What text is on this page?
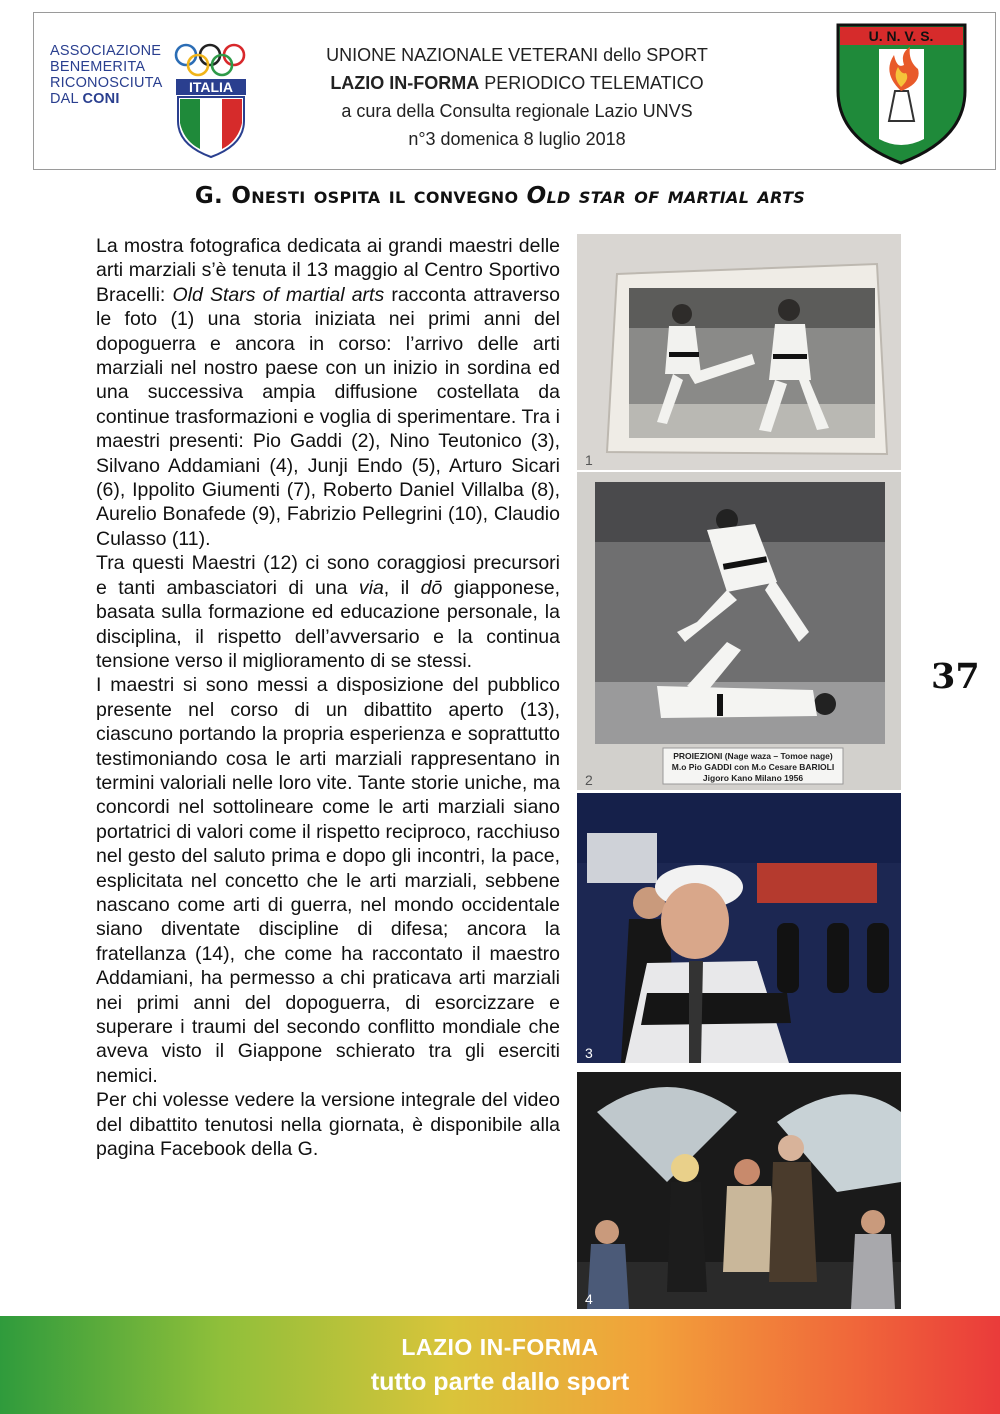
ASSOCIAZIONE
BENEMERITA
RICONOSCIUTA
DAL CONI
ITALIA
UNIONE NAZIONALE VETERANI dello SPORT
LAZIO IN-FORMA PERIODICO TELEMATICO
a cura della Consulta regionale Lazio UNVS
n°3 domenica 8 luglio 2018
U. N. V. S.
G. Onesti ospita il convegno Old star of martial arts

La mostra fotografica dedicata ai grandi maestri delle arti marziali s’è tenuta il 13 maggio al Centro Sportivo Bracelli: Old Stars of martial arts racconta attraverso le foto (1) una storia iniziata nei primi anni del dopoguerra e ancora in corso: l’arrivo delle arti marziali nel nostro paese con un inizio in sordina ed una successiva ampia diffusione costellata da continue trasformazioni e voglia di sperimentare. Tra i maestri presenti: Pio Gaddi (2), Nino Teutonico (3), Silvano Addamiani (4), Junji Endo (5), Arturo Sicari (6), Ippolito Giumenti (7), Roberto Daniel Villalba (8), Aurelio Bonafede (9), Fabrizio Pellegrini (10), Claudio Culasso (11).

Tra questi Maestri (12) ci sono coraggiosi precursori e tanti ambasciatori di una via, il dō giapponese, basata sulla formazione ed educazione personale, la disciplina, il rispetto dell’avversario e la continua tensione verso il miglioramento di se stessi.

I maestri si sono messi a disposizione del pubblico presente nel corso di un dibattito aperto (13), ciascuno portando la propria esperienza e soprattutto testimoniando cosa le arti marziali rappresentano in termini valoriali nelle loro vite. Tante storie uniche, ma concordi nel sottolineare come le arti marziali siano portatrici di valori come il rispetto reciproco, racchiuso nel gesto del saluto prima e dopo gli incontri, la pace, esplicitata nel concetto che le arti marziali, sebbene nascano come arti di guerra, nel mondo occidentale siano diventate discipline di difesa; ancora la fratellanza (14), che come ha raccontato il maestro Addamiani, ha permesso a chi praticava arti marziali nei primi anni del dopoguerra, di esorcizzare e superare i traumi del secondo conflitto mondiale che aveva visto il Giappone schierato tra gli eserciti nemici.

Per chi volesse vedere la versione integrale del video del dibattito tenutosi nella giornata, è disponibile alla pagina Facebook della G.

1
PROIEZIONI (Nage waza – Tomoe nage)
M.o Pio GADDI con M.o Cesare BARIOLI
Jigoro Kano Milano 1956
2
3
4
37
LAZIO IN-FORMA
tutto parte dallo sport
